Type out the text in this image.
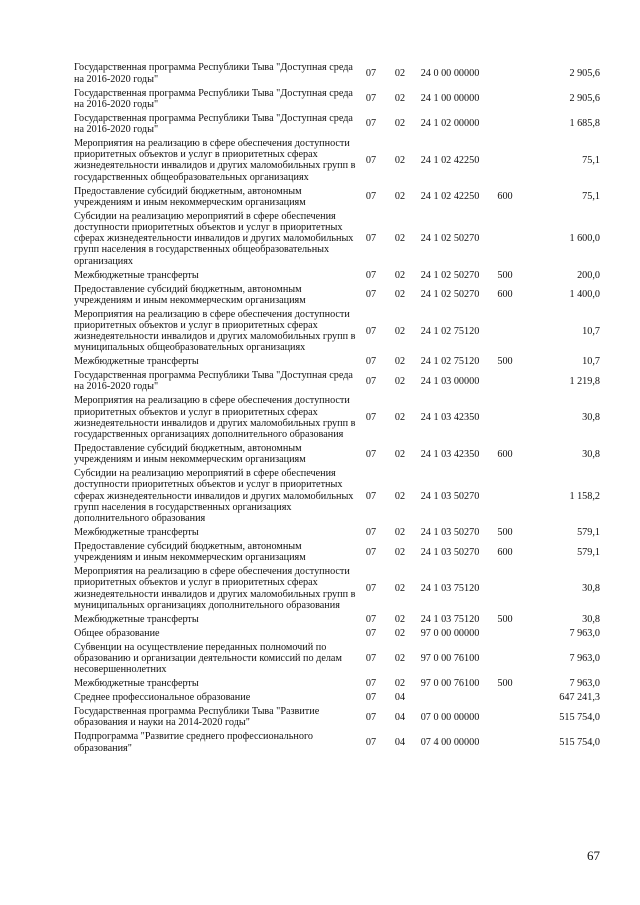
Государственная программа Республики Тыва "Доступная среда на 2016-2020 годы"	07	02	24 0 00 00000		2 905,6
Государственная программа Республики Тыва "Доступная среда на 2016-2020 годы"	07	02	24 1 00 00000		2 905,6
Государственная программа Республики Тыва "Доступная среда на 2016-2020 годы"	07	02	24 1 02 00000		1 685,8
Мероприятия на реализацию в сфере обеспечения доступности приоритетных объектов и услуг в приоритетных сферах жизнедеятельности инвалидов и других маломобильных групп в государственных общеобразовательных организациях	07	02	24 1 02 42250		75,1
Предоставление субсидий бюджетным, автономным учреждениям и иным некоммерческим организациям	07	02	24 1 02 42250	600	75,1
Субсидии на реализацию мероприятий в сфере обеспечения доступности приоритетных объектов и услуг в приоритетных сферах жизнедеятельности инвалидов и других маломобильных групп населения в государственных общеобразовательных организациях	07	02	24 1 02 50270		1 600,0
Межбюджетные трансферты	07	02	24 1 02 50270	500	200,0
Предоставление субсидий бюджетным, автономным учреждениям и иным некоммерческим организациям	07	02	24 1 02 50270	600	1 400,0
Мероприятия на реализацию в сфере обеспечения доступности приоритетных объектов и услуг в приоритетных сферах жизнедеятельности инвалидов и других маломобильных групп в муниципальных общеобразовательных организациях	07	02	24 1 02 75120		10,7
Межбюджетные трансферты	07	02	24 1 02 75120	500	10,7
Государственная программа Республики Тыва "Доступная среда на 2016-2020 годы"	07	02	24 1 03 00000		1 219,8
Мероприятия на реализацию в сфере обеспечения доступности приоритетных объектов и услуг в приоритетных сферах жизнедеятельности инвалидов и других маломобильных групп в государственных организациях дополнительного образования	07	02	24 1 03 42350		30,8
Предоставление субсидий бюджетным, автономным учреждениям и иным некоммерческим организациям	07	02	24 1 03 42350	600	30,8
Субсидии на реализацию мероприятий в сфере обеспечения доступности приоритетных объектов и услуг в приоритетных сферах жизнедеятельности инвалидов и других маломобильных групп населения в государственных организациях дополнительного образования	07	02	24 1 03 50270		1 158,2
Межбюджетные трансферты	07	02	24 1 03 50270	500	579,1
Предоставление субсидий бюджетным, автономным учреждениям и иным некоммерческим организациям	07	02	24 1 03 50270	600	579,1
Мероприятия на реализацию в сфере обеспечения доступности приоритетных объектов и услуг в приоритетных сферах жизнедеятельности инвалидов и других маломобильных групп в муниципальных организациях дополнительного образования	07	02	24 1 03 75120		30,8
Межбюджетные трансферты	07	02	24 1 03 75120	500	30,8
Общее образование	07	02	97 0 00 00000		7 963,0
Субвенции на осуществление переданных полномочий по образованию и организации деятельности комиссий по делам несовершеннолетних	07	02	97 0 00 76100		7 963,0
Межбюджетные трансферты	07	02	97 0 00 76100	500	7 963,0
Среднее профессиональное образование	07	04			647 241,3
Государственная программа Республики Тыва "Развитие образования и науки на 2014-2020 годы"	07	04	07 0 00 00000		515 754,0
Подпрограмма "Развитие среднего профессионального образования"	07	04	07 4 00 00000		515 754,0
67
